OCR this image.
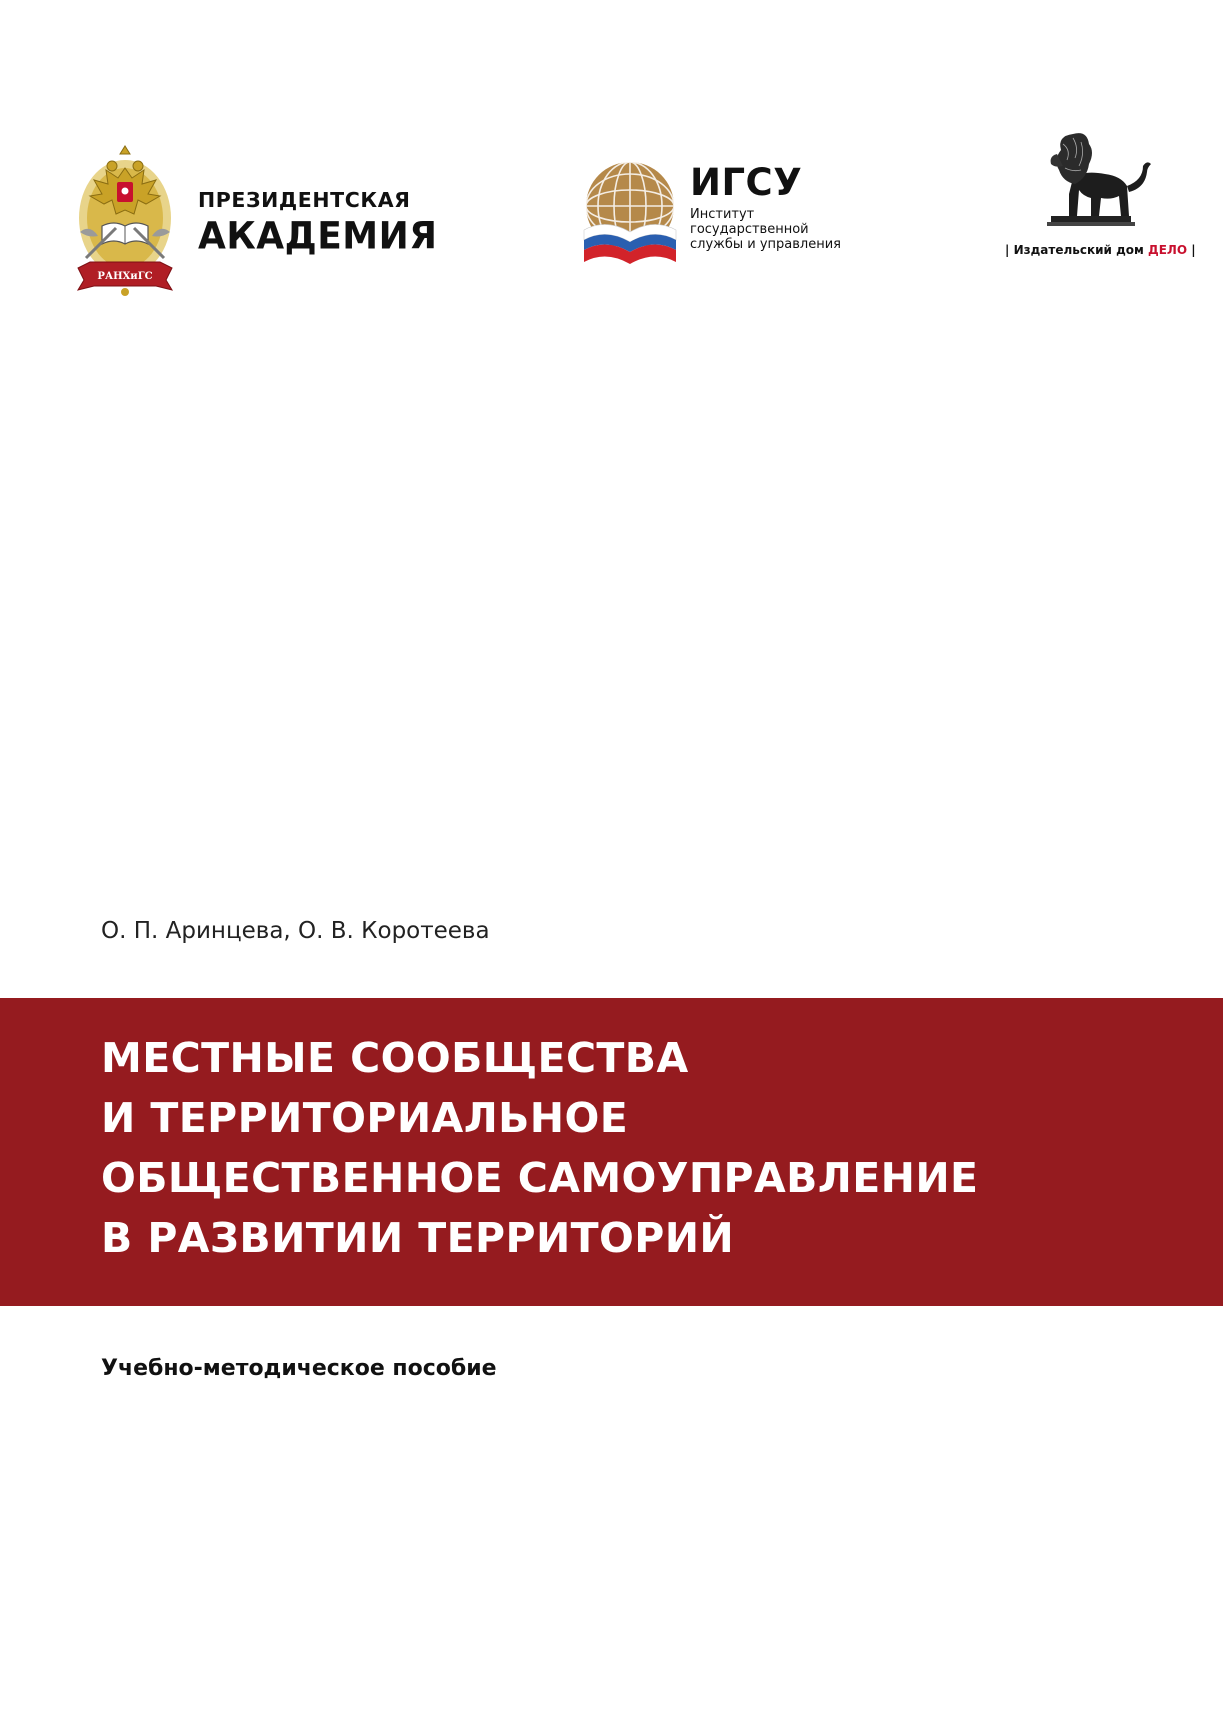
РАНХиГС
ПРЕЗИДЕНТСКАЯ
АКАДЕМИЯ
ИГСУ
Институт
государственной
службы и управления	| Издательский дом ДЕЛО |
О. П. Аринцева, О. В. Коротеева
МЕСТНЫЕ СООБЩЕСТВА
И ТЕРРИТОРИАЛЬНОЕ
ОБЩЕСТВЕННОЕ САМОУПРАВЛЕНИЕ
В РАЗВИТИИ ТЕРРИТОРИЙ
Учебно-методическое пособие
